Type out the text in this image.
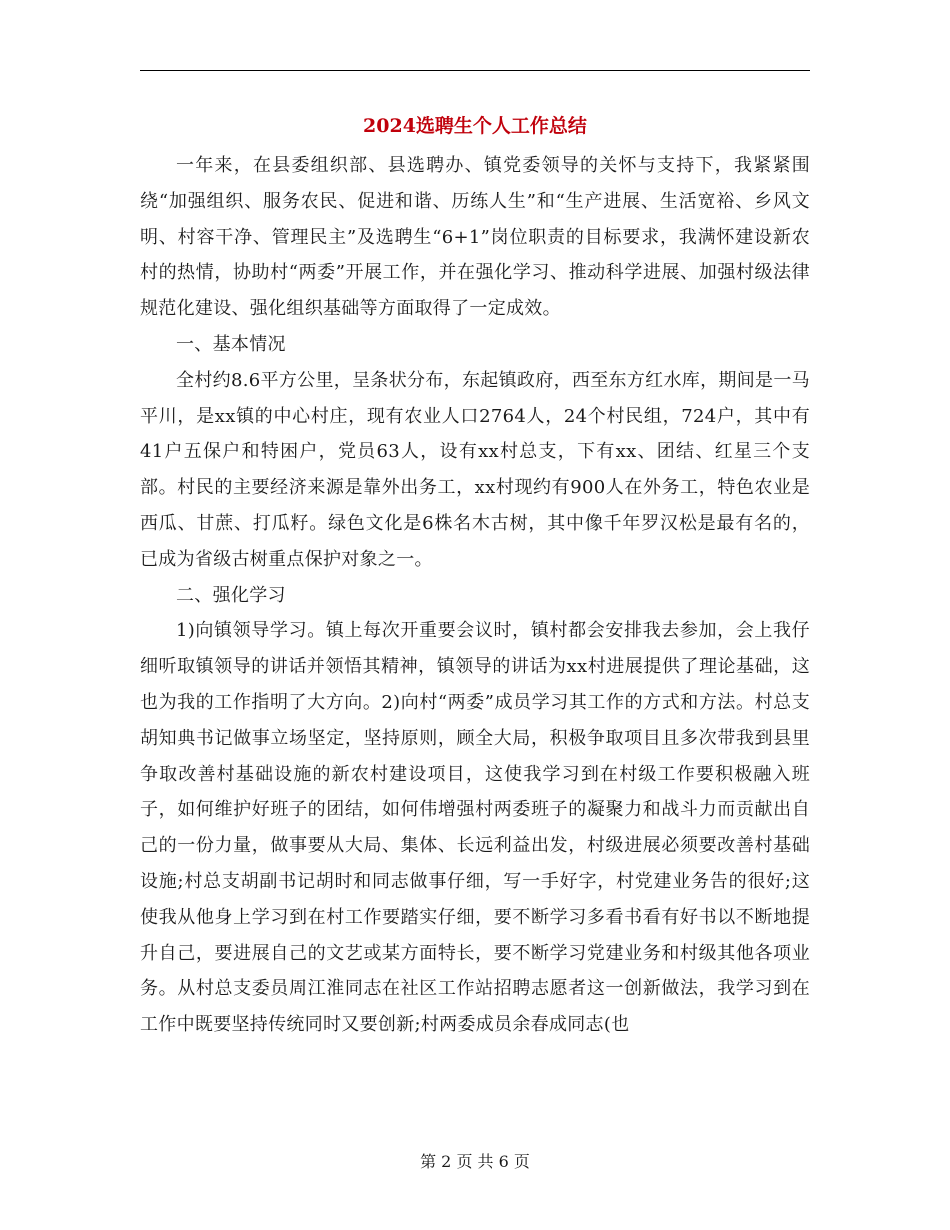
2024选聘生个人工作总结

一年来，在县委组织部、县选聘办、镇党委领导的关怀与支持下，我紧紧围绕“加强组织、服务农民、促进和谐、历练人生”和“生产进展、生活宽裕、乡风文明、村容干净、管理民主”及选聘生“6+1”岗位职责的目标要求，我满怀建设新农村的热情，协助村“两委”开展工作，并在强化学习、推动科学进展、加强村级法律规范化建设、强化组织基础等方面取得了一定成效。

一、基本情况

全村约8.6平方公里，呈条状分布，东起镇政府，西至东方红水库，期间是一马平川，是xx镇的中心村庄，现有农业人口2764人，24个村民组，724户，其中有41户五保户和特困户，党员63人，设有xx村总支，下有xx、团结、红星三个支部。村民的主要经济来源是靠外出务工，xx村现约有900人在外务工，特色农业是西瓜、甘蔗、打瓜籽。绿色文化是6株名木古树，其中像千年罗汉松是最有名的，已成为省级古树重点保护对象之一。

二、强化学习

1)向镇领导学习。镇上每次开重要会议时，镇村都会安排我去参加，会上我仔细听取镇领导的讲话并领悟其精神，镇领导的讲话为xx村进展提供了理论基础，这也为我的工作指明了大方向。2)向村“两委”成员学习其工作的方式和方法。村总支胡知典书记做事立场坚定，坚持原则，顾全大局，积极争取项目且多次带我到县里争取改善村基础设施的新农村建设项目，这使我学习到在村级工作要积极融入班子，如何维护好班子的团结，如何伟增强村两委班子的凝聚力和战斗力而贡献出自己的一份力量，做事要从大局、集体、长远利益出发，村级进展必须要改善村基础设施;村总支胡副书记胡时和同志做事仔细，写一手好字，村党建业务告的很好;这使我从他身上学习到在村工作要踏实仔细，要不断学习多看书看有好书以不断地提升自己，要进展自己的文艺或某方面特长，要不断学习党建业务和村级其他各项业务。从村总支委员周江淮同志在社区工作站招聘志愿者这一创新做法，我学习到在工作中既要坚持传统同时又要创新;村两委成员余春成同志(也

第 2 页 共 6 页
